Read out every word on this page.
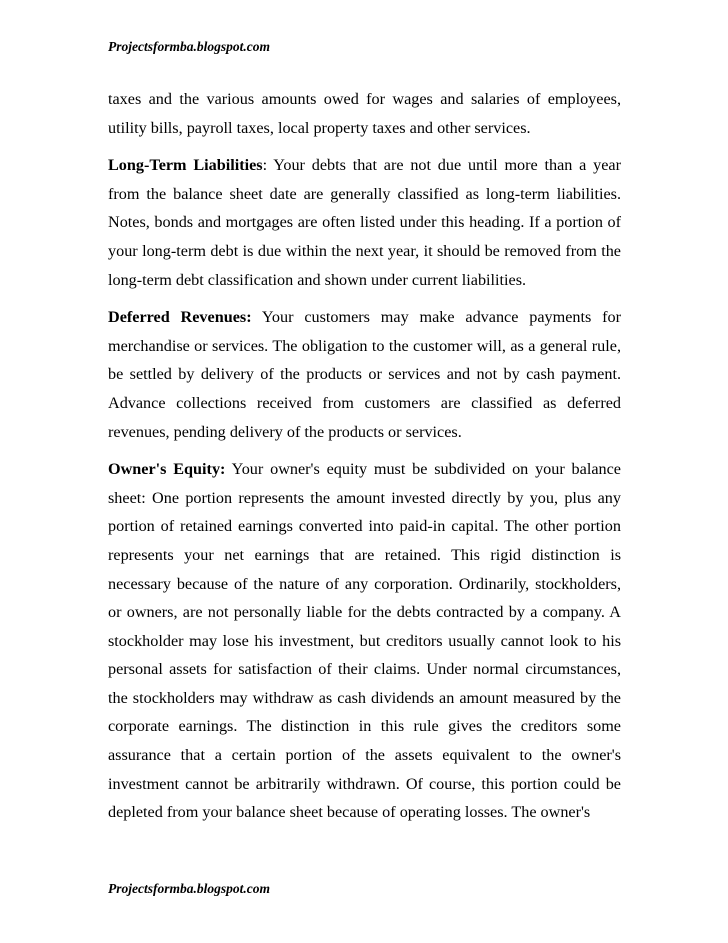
Projectsformba.blogspot.com

taxes and the various amounts owed for wages and salaries of employees, utility bills, payroll taxes, local property taxes and other services.

Long-Term Liabilities: Your debts that are not due until more than a year from the balance sheet date are generally classified as long-term liabilities. Notes, bonds and mortgages are often listed under this heading. If a portion of your long-term debt is due within the next year, it should be removed from the long-term debt classification and shown under current liabilities.

Deferred Revenues: Your customers may make advance payments for merchandise or services. The obligation to the customer will, as a general rule, be settled by delivery of the products or services and not by cash payment. Advance collections received from customers are classified as deferred revenues, pending delivery of the products or services.

Owner's Equity: Your owner's equity must be subdivided on your balance sheet: One portion represents the amount invested directly by you, plus any portion of retained earnings converted into paid-in capital. The other portion represents your net earnings that are retained. This rigid distinction is necessary because of the nature of any corporation. Ordinarily, stockholders, or owners, are not personally liable for the debts contracted by a company. A stockholder may lose his investment, but creditors usually cannot look to his personal assets for satisfaction of their claims. Under normal circumstances, the stockholders may withdraw as cash dividends an amount measured by the corporate earnings. The distinction in this rule gives the creditors some assurance that a certain portion of the assets equivalent to the owner's investment cannot be arbitrarily withdrawn. Of course, this portion could be depleted from your balance sheet because of operating losses. The owner's

Projectsformba.blogspot.com
